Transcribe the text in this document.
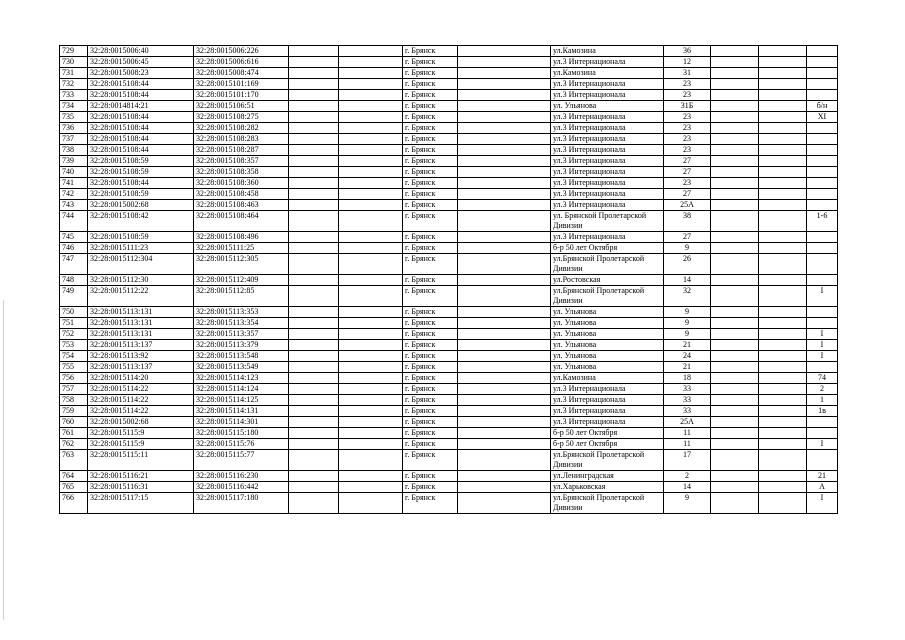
729	32:28:0015006:40	32:28:0015006:226			г. Брянск		ул.Камозина	36			
730	32:28:0015006:45	32:28:0015006:616			г. Брянск		ул.3 Интернационала	12			
731	32:28:0015008:23	32:28:0015008:474			г. Брянск		ул.Камозина	31			
732	32:28:0015108:44	32:28:0015101:169			г. Брянск		ул.3 Интернационала	23			
733	32:28:0015108:44	32:28:0015101:170			г. Брянск		ул.3 Интернационала	23			
734	32:28:0014814:21	32:28:0015106:51			г. Брянск		ул. Ульянова	31Б			б/н
735	32:28:0015108:44	32:28:0015108:275			г. Брянск		ул.3 Интернационала	23			XI
736	32:28:0015108:44	32:28:0015108:282			г. Брянск		ул.3 Интернационала	23			
737	32:28:0015108:44	32:28:0015108:283			г. Брянск		ул.3 Интернационала	23			
738	32:28:0015108:44	32:28:0015108:287			г. Брянск		ул.3 Интернационала	23			
739	32:28:0015108:59	32:28:0015108:357			г. Брянск		ул.3 Интернационала	27			
740	32:28:0015108:59	32:28:0015108:358			г. Брянск		ул.3 Интернационала	27			
741	32:28:0015108:44	32:28:0015108:360			г. Брянск		ул.3 Интернационала	23			
742	32:28:0015108:59	32:28:0015108:458			г. Брянск		ул.3 Интернационала	27			
743	32:28:0015002:68	32:28:0015108:463			г. Брянск		ул.3 Интернационала	25А			
744	32:28:0015108:42	32:28:0015108:464			г. Брянск		ул. Брянской Пролетарской Дивизии	38			1-6
745	32:28:0015108:59	32:28:0015108:496			г. Брянск		ул.3 Интернационала	27			
746	32:28:0015111:23	32:28:0015111:25			г. Брянск		б-р 50 лет Октября	9			
747	32:28:0015112:304	32:28:0015112:305			г. Брянск		ул.Брянской Пролетарской Дивизии	26			
748	32:28:0015112:30	32:28:0015112:409			г. Брянск		ул.Ростовская	14			
749	32:28:0015112:22	32:28:0015112:85			г. Брянск		ул.Брянской Пролетарской Дивизии	32			I
750	32:28:0015113:131	32:28:0015113:353			г. Брянск		ул. Ульянова	9			
751	32:28:0015113:131	32:28:0015113:354			г. Брянск		ул. Ульянова	9			
752	32:28:0015113:131	32:28:0015113:357			г. Брянск		ул. Ульянова	9			I
753	32:28:0015113:137	32:28:0015113:379			г. Брянск		ул. Ульянова	21			I
754	32:28:0015113:92	32:28:0015113:548			г. Брянск		ул. Ульянова	24			I
755	32:28:0015113:137	32:28:0015113:549			г. Брянск		ул. Ульянова	21			
756	32:28:0015114:20	32:28:0015114:123			г. Брянск		ул.Камозина	18			74
757	32:28:0015114:22	32:28:0015114:124			г. Брянск		ул.3 Интернационала	33			2
758	32:28:0015114:22	32:28:0015114:125			г. Брянск		ул.3 Интернационала	33			1
759	32:28:0015114:22	32:28:0015114:131			г. Брянск		ул.3 Интернационала	33			1в
760	32:28:0015002:68	32:28:0015114:301			г. Брянск		ул.3 Интернационала	25А			
761	32:28:0015115:9	32:28:0015115:180			г. Брянск		б-р 50 лет Октября	11			
762	32:28:0015115:9	32:28:0015115:76			г. Брянск		б-р 50 лет Октября	11			I
763	32:28:0015115:11	32:28:0015115:77			г. Брянск		ул.Брянской Пролетарской Дивизии	17			
764	32:28:0015116:21	32:28:0015116:230			г. Брянск		ул.Ленинградская	2			21
765	32:28:0015116:31	32:28:0015116:442			г. Брянск		ул.Харьковская	14			А
766	32:28:0015117:15	32:28:0015117:180			г. Брянск		ул.Брянской Пролетарской Дивизии	9			I
